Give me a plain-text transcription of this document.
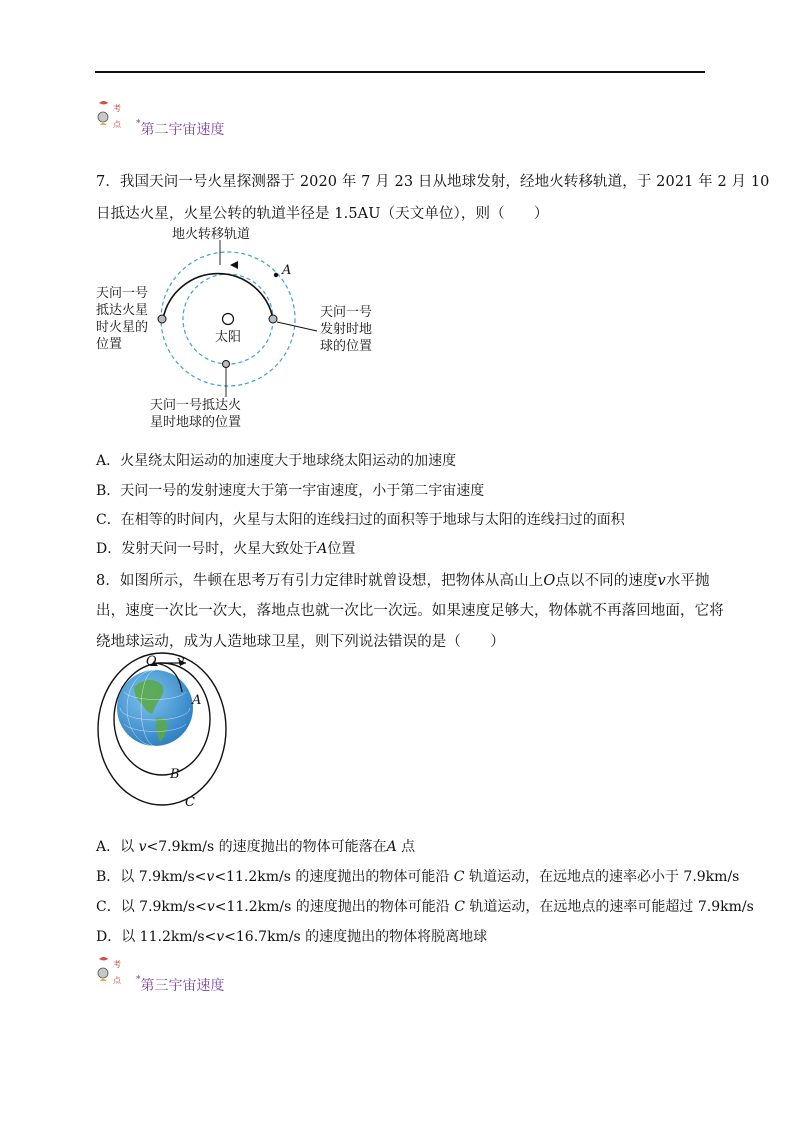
考
点 *第二宇宙速度
7．我国天问一号火星探测器于 2020 年 7 月 23 日从地球发射，经地火转移轨道，于 2021 年 2 月 10
日抵达火星，火星公转的轨道半径是 1.5AU（天文单位），则（　　）
地火转移轨道
A
太阳
天问一号
抵达火星
时火星的
位置
天问一号
发射时地
球的位置
天问一号抵达火
星时地球的位置
A．火星绕太阳运动的加速度大于地球绕太阳运动的加速度
B．天问一号的发射速度大于第一宇宙速度，小于第二宇宙速度
C．在相等的时间内，火星与太阳的连线扫过的面积等于地球与太阳的连线扫过的面积
D．发射天问一号时，火星大致处于A位置
8．如图所示，牛顿在思考万有引力定律时就曾设想，把物体从高山上O点以不同的速度v水平抛
出，速度一次比一次大，落地点也就一次比一次远。如果速度足够大，物体就不再落回地面，它将
绕地球运动，成为人造地球卫星，则下列说法错误的是（　　）
O v
A
B
C
A．以 v<7.9km/s 的速度抛出的物体可能落在A 点
B．以 7.9km/s<v<11.2km/s 的速度抛出的物体可能沿 C 轨道运动，在远地点的速率必小于 7.9km/s
C．以 7.9km/s<v<11.2km/s 的速度抛出的物体可能沿 C 轨道运动，在远地点的速率可能超过 7.9km/s
D．以 11.2km/s<v<16.7km/s 的速度抛出的物体将脱离地球
考
点 *第三宇宙速度
